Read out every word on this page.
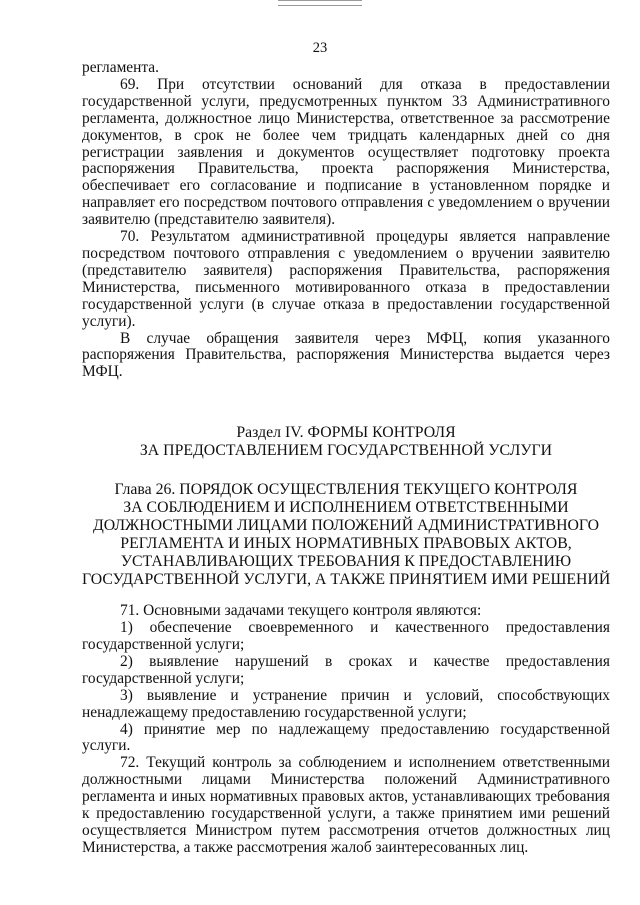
23

регламента.

69. При отсутствии оснований для отказа в предоставлении государственной услуги, предусмотренных пунктом 33 Административного регламента, должностное лицо Министерства, ответственное за рассмотрение документов, в срок не более чем тридцать календарных дней со дня регистрации заявления и документов осуществляет подготовку проекта распоряжения Правительства, проекта распоряжения Министерства, обеспечивает его согласование и подписание в установленном порядке и направляет его посредством почтового отправления с уведомлением о вручении заявителю (представителю заявителя).

70. Результатом административной процедуры является направление посредством почтового отправления с уведомлением о вручении заявителю (представителю заявителя) распоряжения Правительства, распоряжения Министерства, письменного мотивированного отказа в предоставлении государственной услуги (в случае отказа в предоставлении государственной услуги).

В случае обращения заявителя через МФЦ, копия указанного распоряжения Правительства, распоряжения Министерства выдается через МФЦ.

Раздел IV. ФОРМЫ КОНТРОЛЯ
ЗА ПРЕДОСТАВЛЕНИЕМ ГОСУДАРСТВЕННОЙ УСЛУГИ
Глава 26. ПОРЯДОК ОСУЩЕСТВЛЕНИЯ ТЕКУЩЕГО КОНТРОЛЯ
ЗА СОБЛЮДЕНИЕМ И ИСПОЛНЕНИЕМ ОТВЕТСТВЕННЫМИ
ДОЛЖНОСТНЫМИ ЛИЦАМИ ПОЛОЖЕНИЙ АДМИНИСТРАТИВНОГО
РЕГЛАМЕНТА И ИНЫХ НОРМАТИВНЫХ ПРАВОВЫХ АКТОВ,
УСТАНАВЛИВАЮЩИХ ТРЕБОВАНИЯ К ПРЕДОСТАВЛЕНИЮ
ГОСУДАРСТВЕННОЙ УСЛУГИ, А ТАКЖЕ ПРИНЯТИЕМ ИМИ РЕШЕНИЙ

71. Основными задачами текущего контроля являются:

1) обеспечение своевременного и качественного предоставления государственной услуги;

2) выявление нарушений в сроках и качестве предоставления государственной услуги;

3) выявление и устранение причин и условий, способствующих ненадлежащему предоставлению государственной услуги;

4) принятие мер по надлежащему предоставлению государственной услуги.

72. Текущий контроль за соблюдением и исполнением ответственными должностными лицами Министерства положений Административного регламента и иных нормативных правовых актов, устанавливающих требования к предоставлению государственной услуги, а также принятием ими решений осуществляется Министром путем рассмотрения отчетов должностных лиц Министерства, а также рассмотрения жалоб заинтересованных лиц.
